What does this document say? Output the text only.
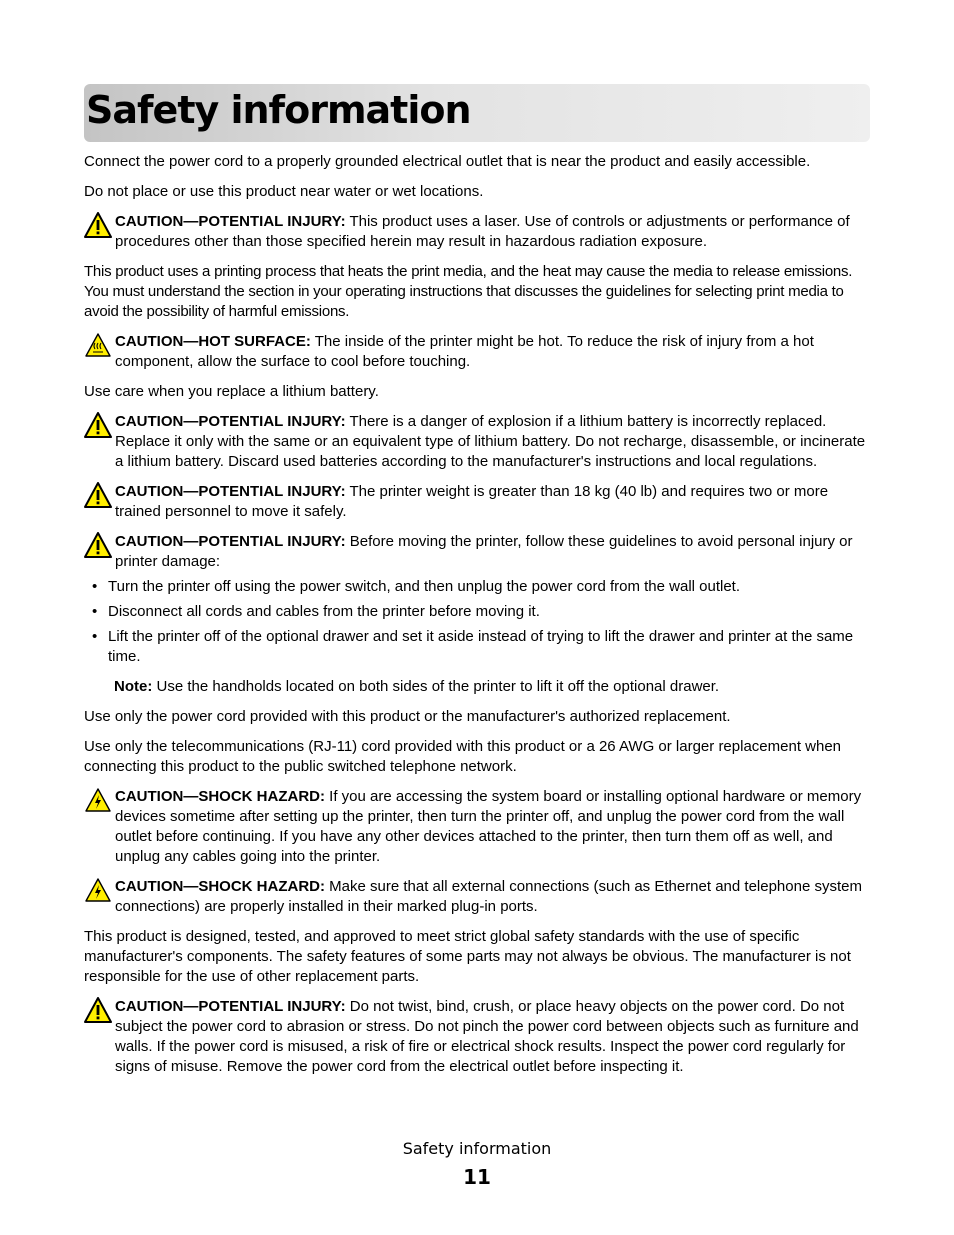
Safety information

Connect the power cord to a properly grounded electrical outlet that is near the product and easily accessible.

Do not place or use this product near water or wet locations.

CAUTION—POTENTIAL INJURY: This product uses a laser. Use of controls or adjustments or performance of procedures other than those specified herein may result in hazardous radiation exposure.

This product uses a printing process that heats the print media, and the heat may cause the media to release emissions. You must understand the section in your operating instructions that discusses the guidelines for selecting print media to avoid the possibility of harmful emissions.

CAUTION—HOT SURFACE: The inside of the printer might be hot. To reduce the risk of injury from a hot component, allow the surface to cool before touching.

Use care when you replace a lithium battery.

CAUTION—POTENTIAL INJURY: There is a danger of explosion if a lithium battery is incorrectly replaced. Replace it only with the same or an equivalent type of lithium battery. Do not recharge, disassemble, or incinerate a lithium battery. Discard used batteries according to the manufacturer's instructions and local regulations.
CAUTION—POTENTIAL INJURY: The printer weight is greater than 18 kg (40 lb) and requires two or more trained personnel to move it safely.
CAUTION—POTENTIAL INJURY: Before moving the printer, follow these guidelines to avoid personal injury or printer damage:
• Turn the printer off using the power switch, and then unplug the power cord from the wall outlet.
• Disconnect all cords and cables from the printer before moving it.
• Lift the printer off of the optional drawer and set it aside instead of trying to lift the drawer and printer at the same time.

Note: Use the handholds located on both sides of the printer to lift it off the optional drawer.

Use only the power cord provided with this product or the manufacturer's authorized replacement.

Use only the telecommunications (RJ-11) cord provided with this product or a 26 AWG or larger replacement when connecting this product to the public switched telephone network.

CAUTION—SHOCK HAZARD: If you are accessing the system board or installing optional hardware or memory devices sometime after setting up the printer, then turn the printer off, and unplug the power cord from the wall outlet before continuing. If you have any other devices attached to the printer, then turn them off as well, and unplug any cables going into the printer.
CAUTION—SHOCK HAZARD: Make sure that all external connections (such as Ethernet and telephone system connections) are properly installed in their marked plug-in ports.

This product is designed, tested, and approved to meet strict global safety standards with the use of specific manufacturer's components. The safety features of some parts may not always be obvious. The manufacturer is not responsible for the use of other replacement parts.

CAUTION—POTENTIAL INJURY: Do not twist, bind, crush, or place heavy objects on the power cord. Do not subject the power cord to abrasion or stress. Do not pinch the power cord between objects such as furniture and walls. If the power cord is misused, a risk of fire or electrical shock results. Inspect the power cord regularly for signs of misuse. Remove the power cord from the electrical outlet before inspecting it.
Safety information
11
